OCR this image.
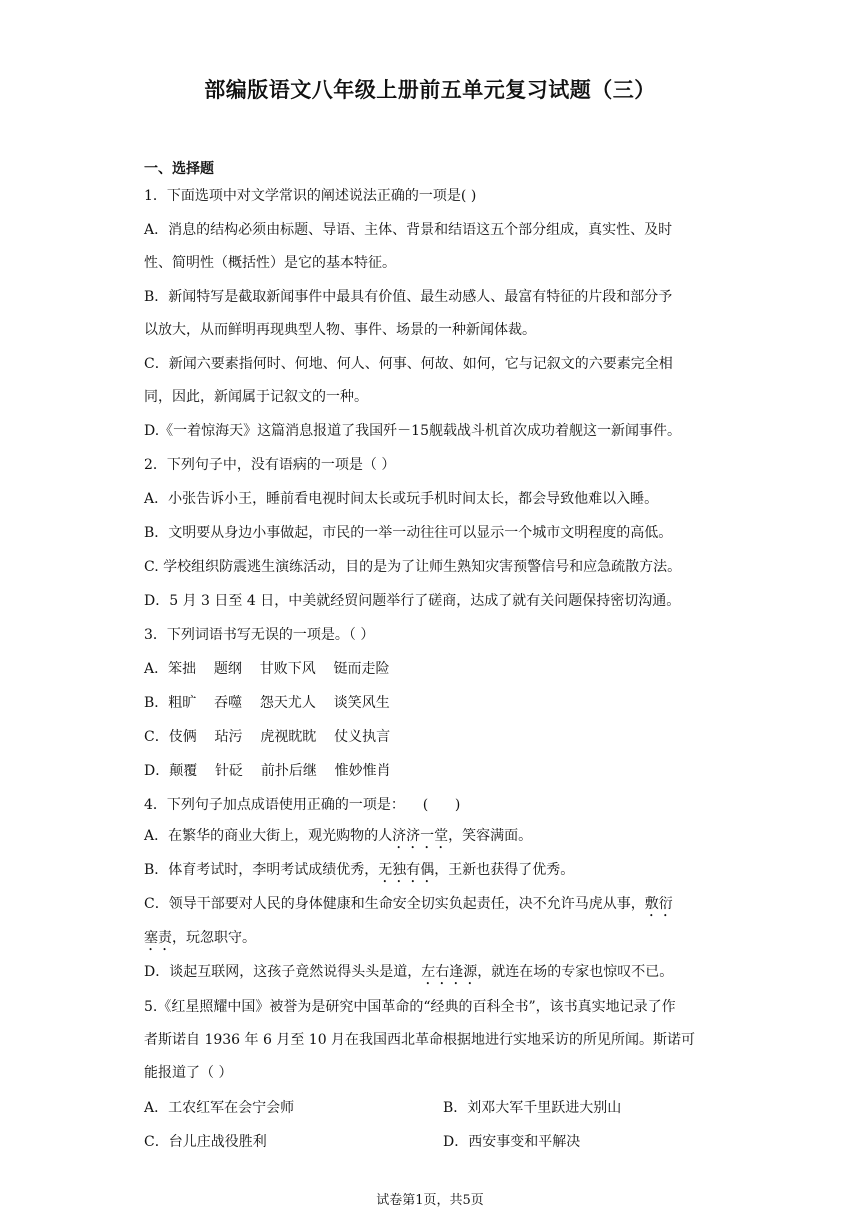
部编版语文八年级上册前五单元复习试题（三）
一、选择题
1．下面选项中对文学常识的阐述说法正确的一项是( )
A．消息的结构必须由标题、导语、主体、背景和结语这五个部分组成，真实性、及时
性、简明性（概括性）是它的基本特征。
B．新闻特写是截取新闻事件中最具有价值、最生动感人、最富有特征的片段和部分予
以放大，从而鲜明再现典型人物、事件、场景的一种新闻体裁。
C．新闻六要素指何时、何地、何人、何事、何故、如何，它与记叙文的六要素完全相
同，因此，新闻属于记叙文的一种。
D.《一着惊海天》这篇消息报道了我国歼－15舰载战斗机首次成功着舰这一新闻事件。
2．下列句子中，没有语病的一项是（ ）
A．小张告诉小王，睡前看电视时间太长或玩手机时间太长，都会导致他难以入睡。
B．文明要从身边小事做起，市民的一举一动往往可以显示一个城市文明程度的高低。
C. 学校组织防震逃生演练活动，目的是为了让师生熟知灾害预警信号和应急疏散方法。
D．5 月 3 日至 4 日，中美就经贸问题举行了磋商，达成了就有关问题保持密切沟通。
3．下列词语书写无误的一项是。（ ）
A．笨拙    题纲    甘败下风    铤而走险
B．粗旷    吞噬    怨天尤人    谈笑风生
C．伎俩    玷污    虎视眈眈    仗义执言
D．颠覆    针砭    前扑后继    惟妙惟肖
4．下列句子加点成语使用正确的一项是：    (      )
A．在繁华的商业大街上，观光购物的人济济一堂，笑容满面。
B．体育考试时，李明考试成绩优秀，无独有偶，王新也获得了优秀。
C．领导干部要对人民的身体健康和生命安全切实负起责任，决不允许马虎从事，敷衍
塞责，玩忽职守。
D．谈起互联网，这孩子竟然说得头头是道，左右逢源，就连在场的专家也惊叹不已。
5.《红星照耀中国》被誉为是研究中国革命的“经典的百科全书”，该书真实地记录了作
者斯诺自 1936 年 6 月至 10 月在我国西北革命根据地进行实地采访的所见所闻。斯诺可
能报道了（ ）
A．工农红军在会宁会师	B．刘邓大军千里跃进大别山
C．台儿庄战役胜利	D．西安事变和平解决
试卷第1页，共5页
